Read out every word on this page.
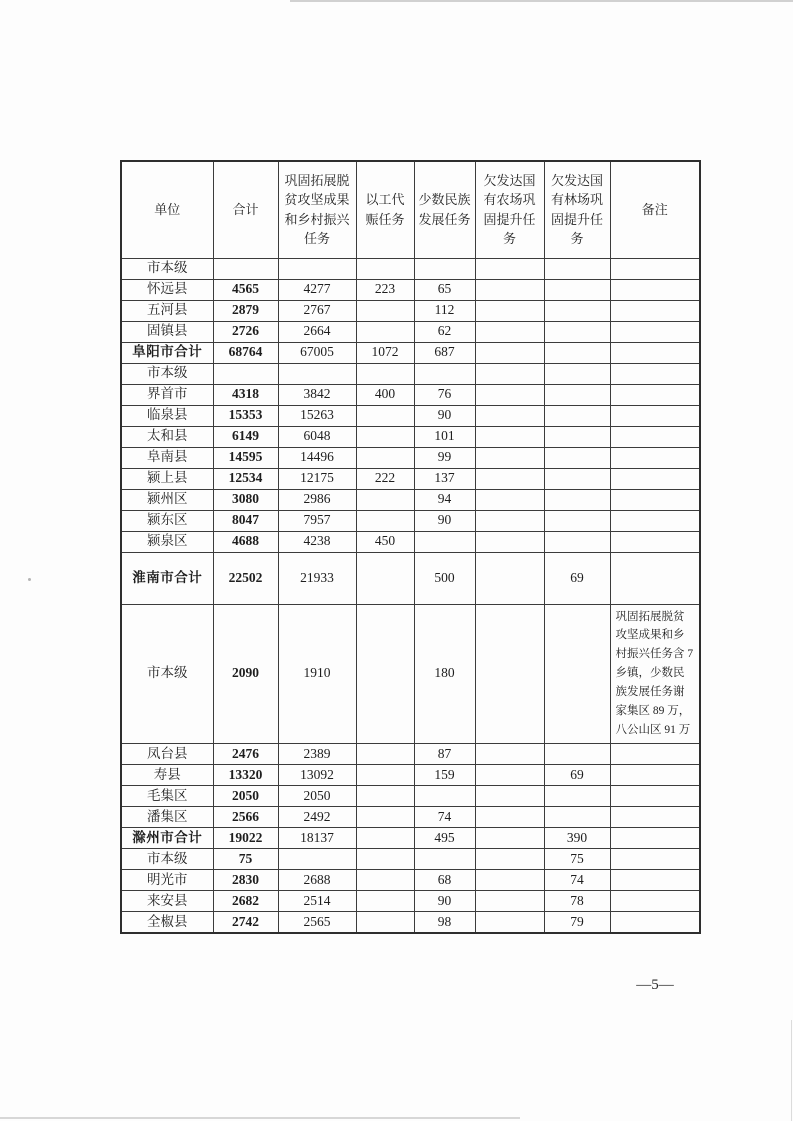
单位	合计	巩固拓展脱贫攻坚成果和乡村振兴任务	以工代赈任务	少数民族发展任务	欠发达国有农场巩固提升任务	欠发达国有林场巩固提升任务	备注
市本级							
怀远县	4565	4277	223	65			
五河县	2879	2767		112			
固镇县	2726	2664		62			
阜阳市合计	68764	67005	1072	687			
市本级							
界首市	4318	3842	400	76			
临泉县	15353	15263		90			
太和县	6149	6048		101			
阜南县	14595	14496		99			
颍上县	12534	12175	222	137			
颍州区	3080	2986		94			
颍东区	8047	7957		90			
颍泉区	4688	4238	450				
淮南市合计	22502	21933		500		69	
市本级	2090	1910		180			巩固拓展脱贫攻坚成果和乡村振兴任务含 7 乡镇，少数民族发展任务谢家集区 89 万，八公山区 91 万
凤台县	2476	2389		87			
寿县	13320	13092		159		69	
毛集区	2050	2050					
潘集区	2566	2492		74			
滁州市合计	19022	18137		495		390	
市本级	75					75	
明光市	2830	2688		68		74	
来安县	2682	2514		90		78	
全椒县	2742	2565		98		79	
—5—
